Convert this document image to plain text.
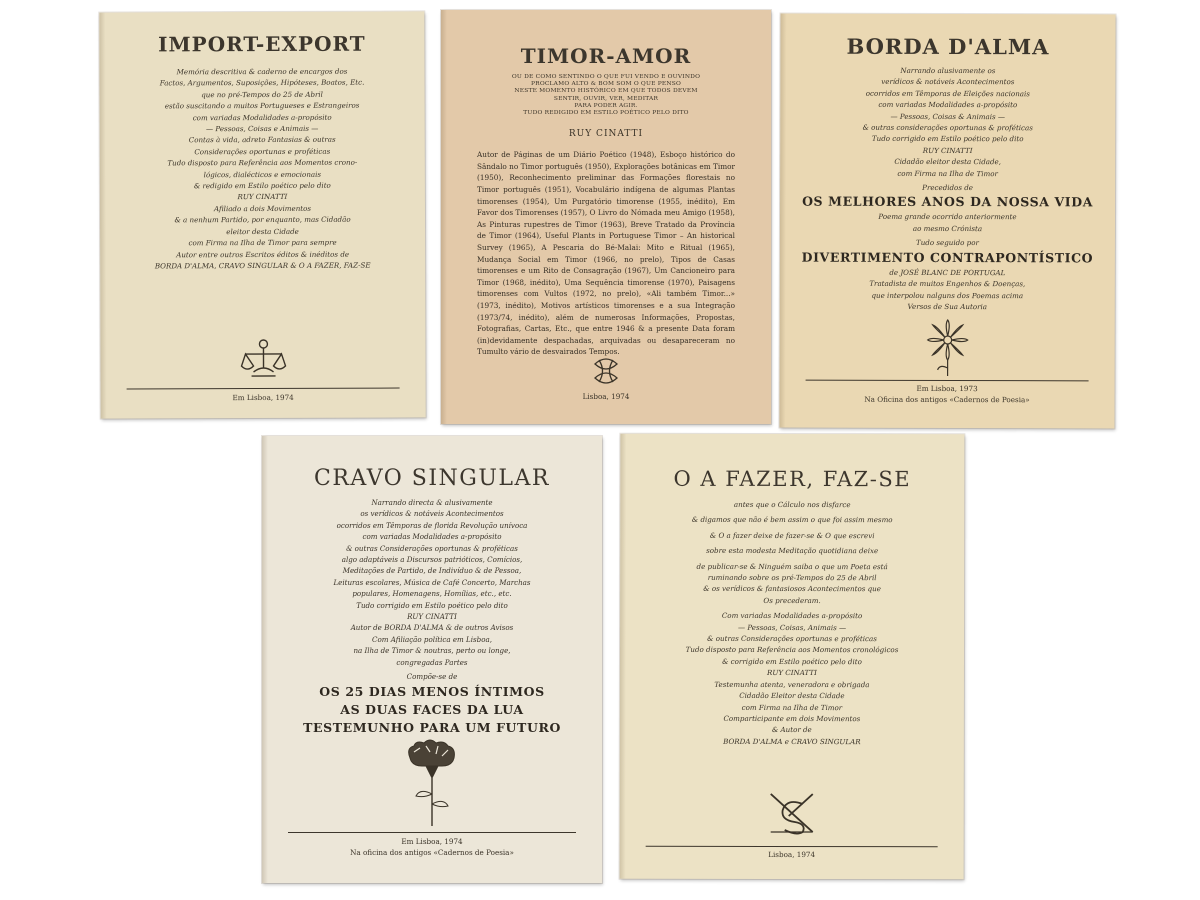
IMPORT-EXPORT
Memória descritiva & caderno de encargos dos
Factos, Argumentos, Suposições, Hipóteses, Boatos, Etc.
que no pré-Tempos do 25 de Abril
estão suscitando a muitos Portugueses e Estrangeiros
com variadas Modalidades a-propósito
— Pessoas, Coisas e Animais —
Contas à vida, adreto Fantasias & outras
Considerações oportunas e proféticas
Tudo disposto para Referência aos Momentos crono-
lógicos, dialécticos e emocionais
& redigido em Estilo poético pelo dito
RUY CINATTI
Afiliado a dois Movimentos
& a nenhum Partido, por enquanto, mas Cidadão
eleitor desta Cidade
com Firma na Ilha de Timor para sempre
Autor entre outros Escritos éditos & inéditos de
BORDA D'ALMA, CRAVO SINGULAR & O A FAZER, FAZ-SE
Em Lisboa, 1974
TIMOR-AMOR
OU DE COMO SENTINDO O QUE FUI VENDO E OUVINDO
PROCLAMO ALTO & BOM SOM O QUE PENSO
NESTE MOMENTO HISTÓRICO EM QUE TODOS DEVEM
SENTIR, OUVIR, VER, MEDITAR
PARA PODER AGIR.
TUDO REDIGIDO EM ESTILO POÉTICO PELO DITO
RUY CINATTI

Autor de Páginas de um Diário Poético (1948), Esboço histórico do Sândalo no Timor português (1950), Explorações botânicas em Timor (1950), Reconhecimento preliminar das Formações florestais no Timor português (1951), Vocabulário indígena de algumas Plantas timorenses (1954), Um Purgatório timorense (1955, inédito), Em Favor dos Timorenses (1957), O Livro do Nómada meu Amigo (1958), As Pinturas rupestres de Timor (1963), Breve Tratado da Província de Timor (1964), Useful Plants in Portuguese Timor – An historical Survey (1965), A Pescaria do Bé-Malai: Mito e Ritual (1965), Mudança Social em Timor (1966, no prelo), Tipos de Casas timorenses e um Rito de Consagração (1967), Um Cancioneiro para Timor (1968, inédito), Uma Sequência timorense (1970), Paisagens timorenses com Vultos (1972, no prelo), «Ali também Timor...» (1973, inédito), Motivos artísticos timorenses e a sua Integração (1973/74, inédito), além de numerosas Informações, Propostas, Fotografias, Cartas, Etc., que entre 1946 & a presente Data foram (in)devidamente despachadas, arquivadas ou desapareceram no Tumulto vário de desvairados Tempos.

Lisboa, 1974
BORDA D'ALMA
Narrando alusivamente os
verídicos & notáveis Acontecimentos
ocorridos em Têmporas de Eleições nacionais
com variadas Modalidades a-propósito
— Pessoas, Coisas & Animais —
& outras considerações oportunas & proféticas
Tudo corrigido em Estilo poético pelo dito
RUY CINATTI
Cidadão eleitor desta Cidade,
com Firma na Ilha de Timor
Precedidos de
OS MELHORES ANOS DA NOSSA VIDA
Poema grande ocorrido anteriormente
ao mesmo Crónista
Tudo seguido por
DIVERTIMENTO CONTRAPONTÍSTICO
de JOSÉ BLANC DE PORTUGAL
Tratadista de muitos Engenhos & Doenças,
que interpolou nalguns dos Poemas acima
Versos de Sua Autoria
Em Lisboa, 1973
Na Oficina dos antigos «Cadernos de Poesia»
CRAVO SINGULAR
Narrando directa & alusivamente
os verídicos & notáveis Acontecimentos
ocorridos em Têmporas de florida Revolução unívoca
com variadas Modalidades a-propósito
& outras Considerações oportunas & proféticas
algo adaptáveis a Discursos patrióticos, Comícios,
Meditações de Partido, de Indivíduo & de Pessoa,
Leituras escolares, Música de Café Concerto, Marchas
populares, Homenagens, Homílias, etc., etc.
Tudo corrigido em Estilo poético pelo dito
RUY CINATTI
Autor de BORDA D'ALMA & de outros Avisos
Com Afiliação política em Lisboa,
na Ilha de Timor & noutras, perto ou longe,
congregadas Partes
Compõe-se de
OS 25 DIAS MENOS ÍNTIMOS
AS DUAS FACES DA LUA
TESTEMUNHO PARA UM FUTURO
Em Lisboa, 1974
Na oficina dos antigos «Cadernos de Poesia»
O A FAZER, FAZ-SE
antes que o Cálculo nos disfarce
& digamos que não é bem assim o que foi assim mesmo
& O a fazer deixe de fazer-se & O que escrevi
sobre esta modesta Meditação quotidiana deixe
de publicar-se & Ninguém saiba o que um Poeta está
ruminando sobre os pré-Tempos do 25 de Abril
& os verídicos & fantasiosos Acontecimentos que
Os precederam.
Com variadas Modalidades a-propósito
— Pessoas, Coisas, Animais —
& outras Considerações oportunas e proféticas
Tudo disposto para Referência aos Momentos cronológicos
& corrigido em Estilo poético pelo dito
RUY CINATTI
Testemunha atenta, veneradora e obrigada
Cidadão Eleitor desta Cidade
com Firma na Ilha de Timor
Comparticipante em dois Movimentos
& Autor de
BORDA D'ALMA e CRAVO SINGULAR
Lisboa, 1974
